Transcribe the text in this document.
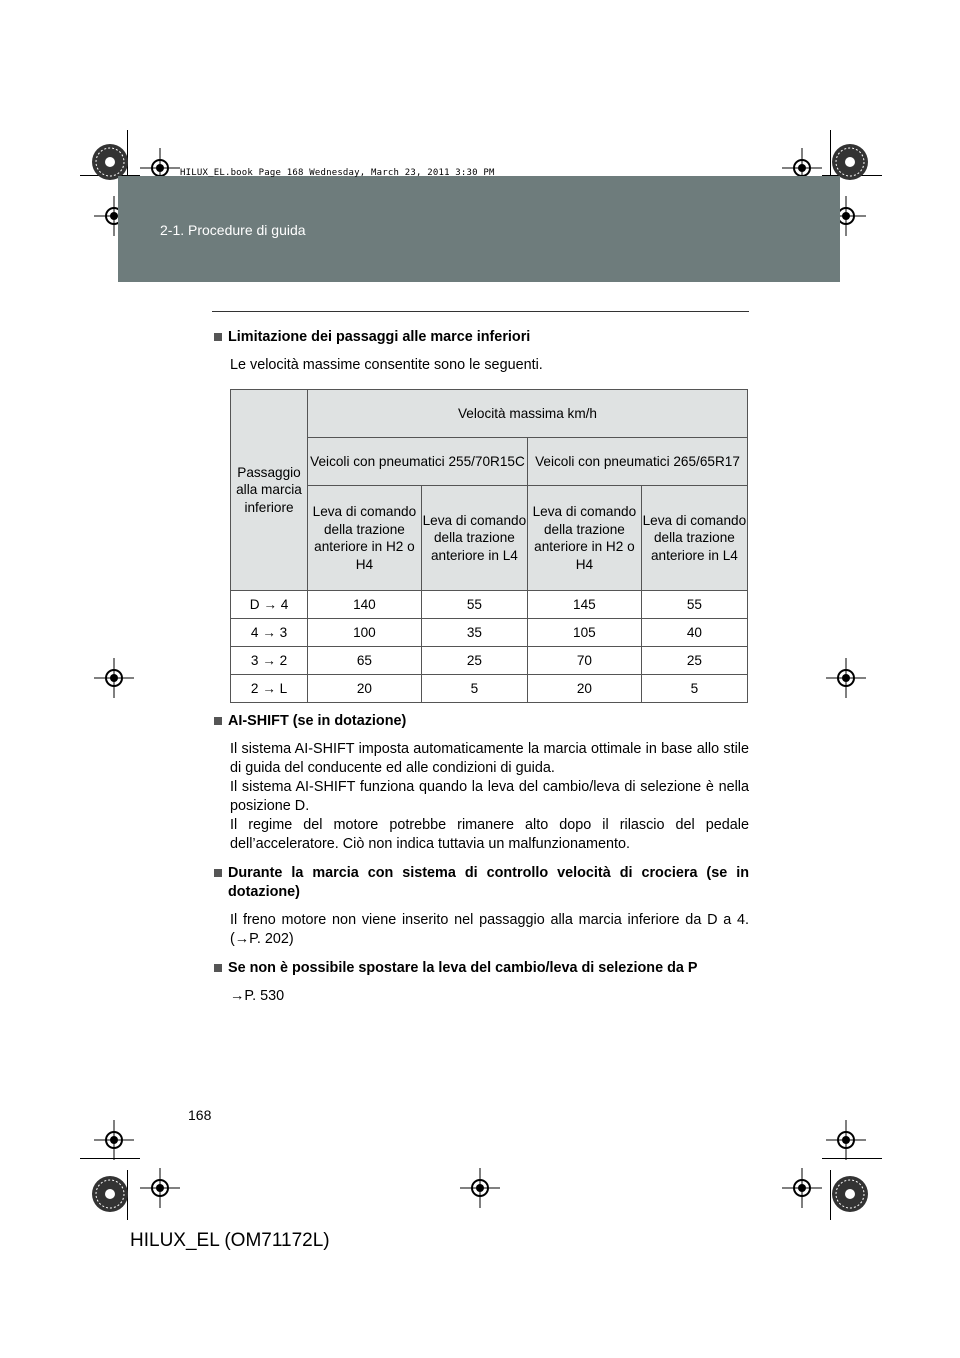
HILUX_EL.book Page 168 Wednesday, March 23, 2011 3:30 PM
2-1. Procedure di guida
Limitazione dei passaggi alle marce inferiori
Le velocità massime consentite sono le seguenti.
Passaggio alla marcia inferiore	Velocità massima km/h			
	Veicoli con pneumatici 255/70R15C		Veicoli con pneumatici 265/65R17	
	Leva di comando della trazione anteriore in H2 o H4	Leva di comando della trazione anteriore in L4	Leva di comando della trazione anteriore in H2 o H4	Leva di comando della trazione anteriore in L4
D → 4	140	55	145	55
4 → 3	100	35	105	40
3 → 2	65	25	70	25
2 → L	20	5	20	5
AI-SHIFT (se in dotazione)
Il sistema AI-SHIFT imposta automaticamente la marcia ottimale in base allo stile di guida del conducente ed alle condizioni di guida.
Il sistema AI-SHIFT funziona quando la leva del cambio/leva di selezione è nella posizione D.
Il regime del motore potrebbe rimanere alto dopo il rilascio del pedale dell’acceleratore. Ciò non indica tuttavia un malfunzionamento.
Durante la marcia con sistema di controllo velocità di crociera (se in dotazione)
Il freno motore non viene inserito nel passaggio alla marcia inferiore da D a 4. (→P. 202)
Se non è possibile spostare la leva del cambio/leva di selezione da P
→P. 530
168
HILUX_EL (OM71172L)
